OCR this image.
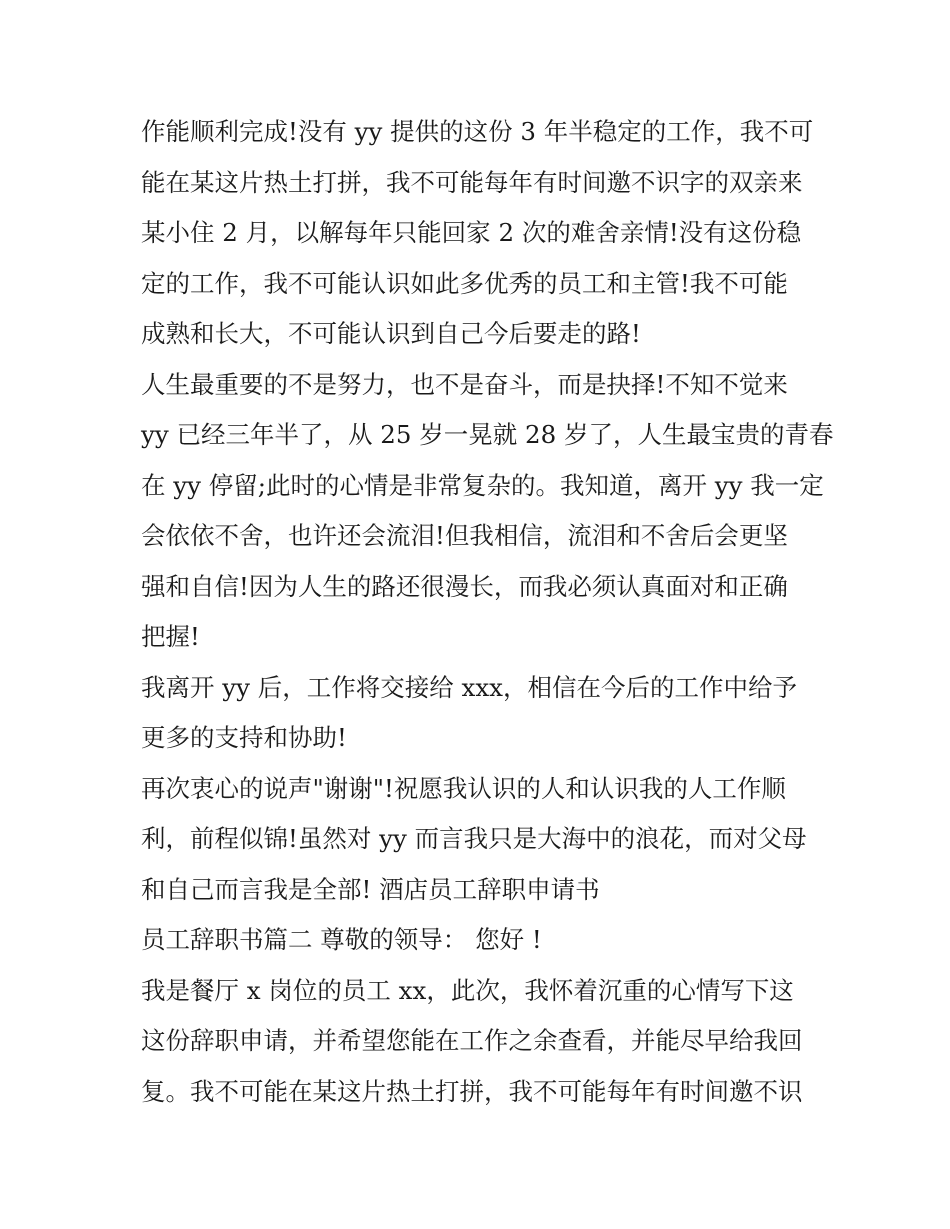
作能顺利完成!没有 yy 提供的这份 3 年半稳定的工作，我不可
能在某这片热土打拼，我不可能每年有时间邀不识字的双亲来
某小住 2 月，以解每年只能回家 2 次的难舍亲情!没有这份稳
定的工作，我不可能认识如此多优秀的员工和主管!我不可能
成熟和长大，不可能认识到自己今后要走的路!
人生最重要的不是努力，也不是奋斗，而是抉择!不知不觉来
yy 已经三年半了，从 25 岁一晃就 28 岁了，人生最宝贵的青春
在 yy 停留;此时的心情是非常复杂的。我知道，离开 yy 我一定
会依依不舍，也许还会流泪!但我相信，流泪和不舍后会更坚
强和自信!因为人生的路还很漫长，而我必须认真面对和正确
把握!
我离开 yy 后，工作将交接给 xxx，相信在今后的工作中给予
更多的支持和协助!
再次衷心的说声"谢谢"!祝愿我认识的人和认识我的人工作顺
利，前程似锦!虽然对 yy 而言我只是大海中的浪花，而对父母
和自己而言我是全部! 酒店员工辞职申请书
员工辞职书篇二 尊敬的领导： 您好 !
我是餐厅 x 岗位的员工 xx，此次，我怀着沉重的心情写下这
这份辞职申请，并希望您能在工作之余查看，并能尽早给我回
复。我不可能在某这片热土打拼，我不可能每年有时间邀不识
